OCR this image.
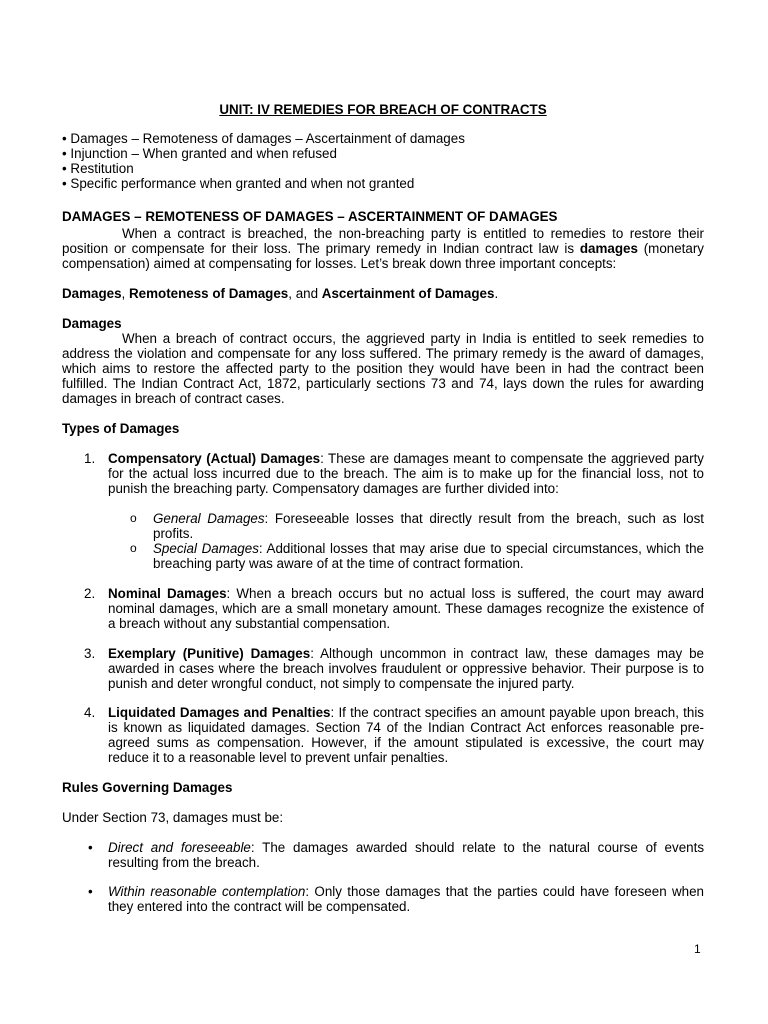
UNIT: IV REMEDIES FOR BREACH OF CONTRACTS
• Damages – Remoteness of damages – Ascertainment of damages
• Injunction – When granted and when refused
• Restitution
• Specific performance when granted and when not granted
DAMAGES – REMOTENESS OF DAMAGES – ASCERTAINMENT OF DAMAGES
When a contract is breached, the non-breaching party is entitled to remedies to restore their position or compensate for their loss. The primary remedy in Indian contract law is damages (monetary compensation) aimed at compensating for losses. Let’s break down three important concepts:
Damages, Remoteness of Damages, and Ascertainment of Damages.
Damages
When a breach of contract occurs, the aggrieved party in India is entitled to seek remedies to address the violation and compensate for any loss suffered. The primary remedy is the award of damages, which aims to restore the affected party to the position they would have been in had the contract been fulfilled. The Indian Contract Act, 1872, particularly sections 73 and 74, lays down the rules for awarding damages in breach of contract cases.
Types of Damages
1. Compensatory (Actual) Damages: These are damages meant to compensate the aggrieved party for the actual loss incurred due to the breach. The aim is to make up for the financial loss, not to punish the breaching party. Compensatory damages are further divided into:
o General Damages: Foreseeable losses that directly result from the breach, such as lost profits.
o Special Damages: Additional losses that may arise due to special circumstances, which the breaching party was aware of at the time of contract formation.
2. Nominal Damages: When a breach occurs but no actual loss is suffered, the court may award nominal damages, which are a small monetary amount. These damages recognize the existence of a breach without any substantial compensation.
3. Exemplary (Punitive) Damages: Although uncommon in contract law, these damages may be awarded in cases where the breach involves fraudulent or oppressive behavior. Their purpose is to punish and deter wrongful conduct, not simply to compensate the injured party.
4. Liquidated Damages and Penalties: If the contract specifies an amount payable upon breach, this is known as liquidated damages. Section 74 of the Indian Contract Act enforces reasonable pre-agreed sums as compensation. However, if the amount stipulated is excessive, the court may reduce it to a reasonable level to prevent unfair penalties.
Rules Governing Damages
Under Section 73, damages must be:
• Direct and foreseeable: The damages awarded should relate to the natural course of events resulting from the breach.
• Within reasonable contemplation: Only those damages that the parties could have foreseen when they entered into the contract will be compensated.
1
